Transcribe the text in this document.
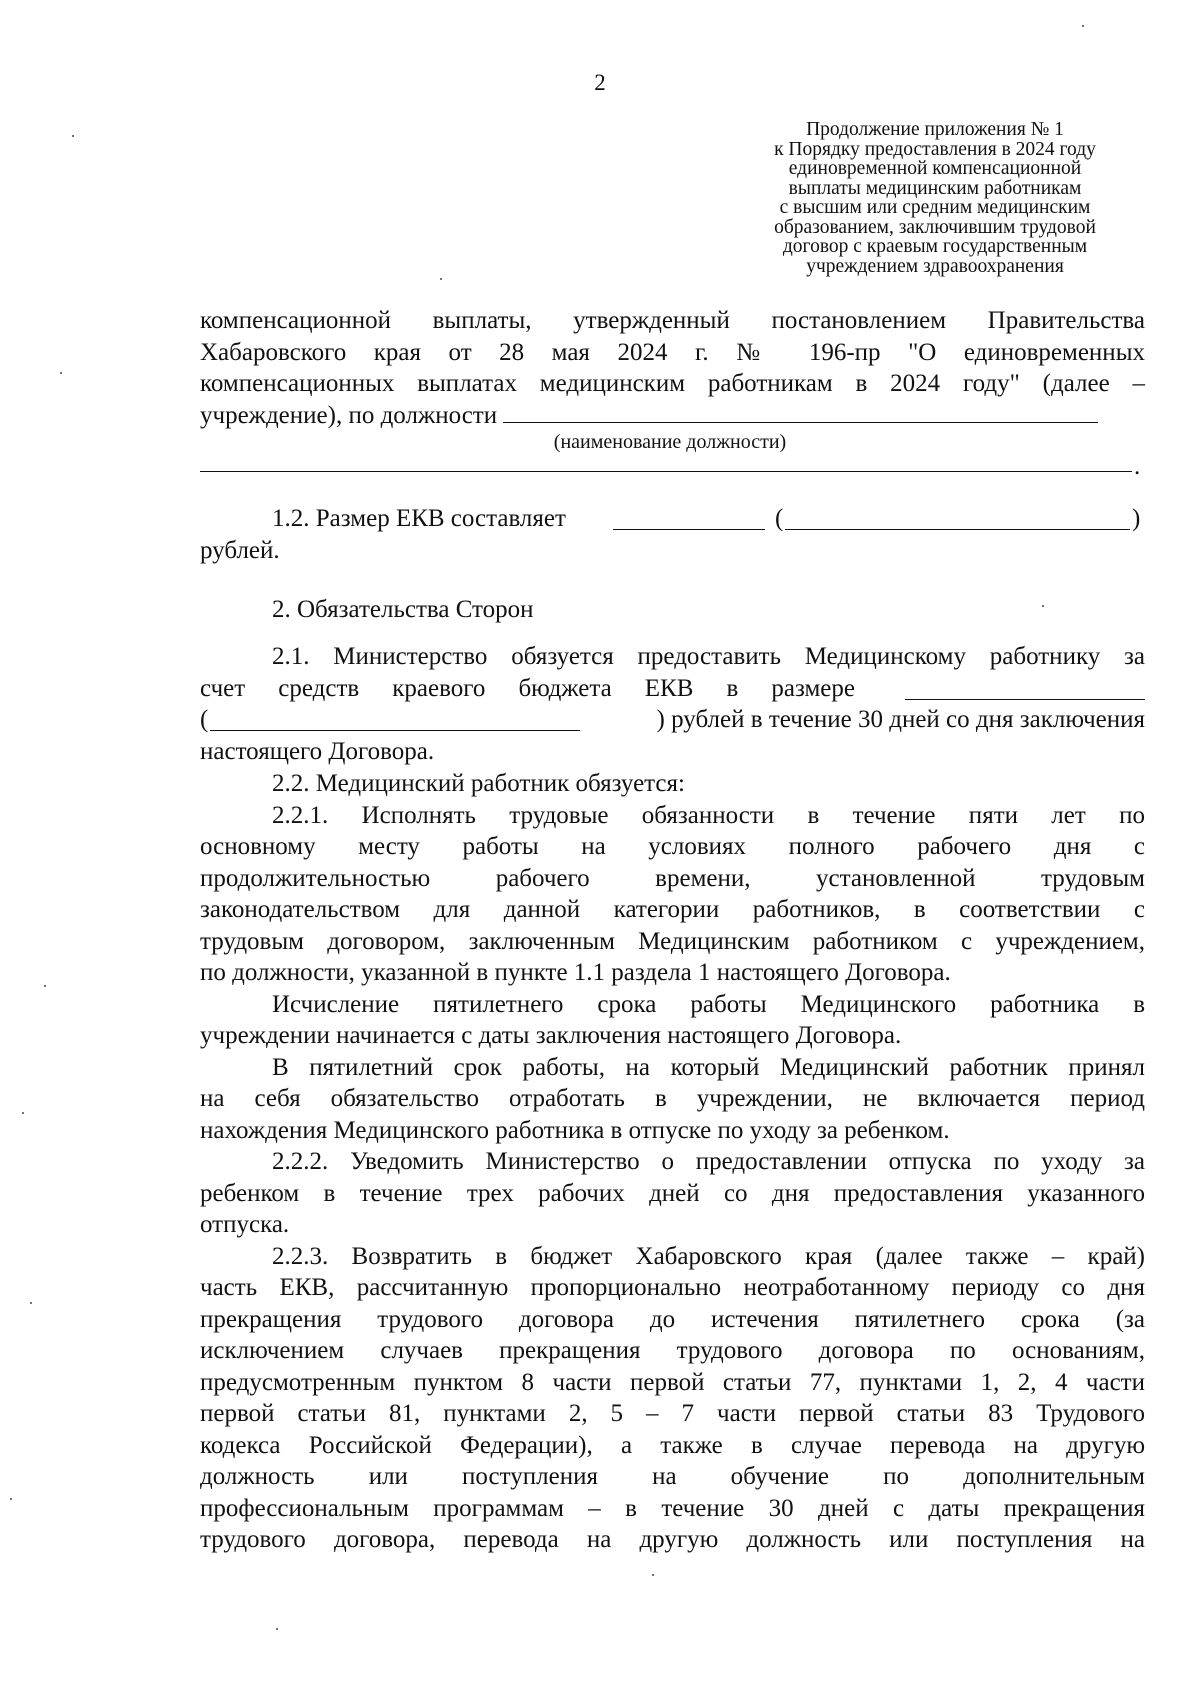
2
Продолжение приложения № 1
к Порядку предоставления в 2024 году
единовременной компенсационной
выплаты медицинским работникам
с высшим или средним медицинским
образованием, заключившим трудовой
договор с краевым государственным
учреждением здравоохранения
компенсационной выплаты, утвержденный постановлением Правительства
Хабаровского края от 28 мая 2024 г. № 196-пр "О единовременных
компенсационных выплатах медицинским работникам в 2024 году" (далее –
учреждение), по должности
(наименование должности)
.
1.2. Размер ЕКВ составляет	(	)
рублей.
2. Обязательства Сторон
2.1. Министерство обязуется предоставить Медицинскому работнику за
счет средств краевого бюджета ЕКВ в размере
(	) рублей в течение 30 дней со дня заключения
настоящего Договора.
2.2. Медицинский работник обязуется:
2.2.1. Исполнять трудовые обязанности в течение пяти лет по
основному месту работы на условиях полного рабочего дня с
продолжительностью рабочего времени, установленной трудовым
законодательством для данной категории работников, в соответствии с
трудовым договором, заключенным Медицинским работником с учреждением,
по должности, указанной в пункте 1.1 раздела 1 настоящего Договора.
Исчисление пятилетнего срока работы Медицинского работника в
учреждении начинается с даты заключения настоящего Договора.
В пятилетний срок работы, на который Медицинский работник принял
на себя обязательство отработать в учреждении, не включается период
нахождения Медицинского работника в отпуске по уходу за ребенком.
2.2.2. Уведомить Министерство о предоставлении отпуска по уходу за
ребенком в течение трех рабочих дней со дня предоставления указанного
отпуска.
2.2.3. Возвратить в бюджет Хабаровского края (далее также – край)
часть ЕКВ, рассчитанную пропорционально неотработанному периоду со дня
прекращения трудового договора до истечения пятилетнего срока (за
исключением случаев прекращения трудового договора по основаниям,
предусмотренным пунктом 8 части первой статьи 77, пунктами 1, 2, 4 части
первой статьи 81, пунктами 2, 5 – 7 части первой статьи 83 Трудового
кодекса Российской Федерации), а также в случае перевода на другую
должность или поступления на обучение по дополнительным
профессиональным программам – в течение 30 дней с даты прекращения
трудового договора, перевода на другую должность или поступления на
